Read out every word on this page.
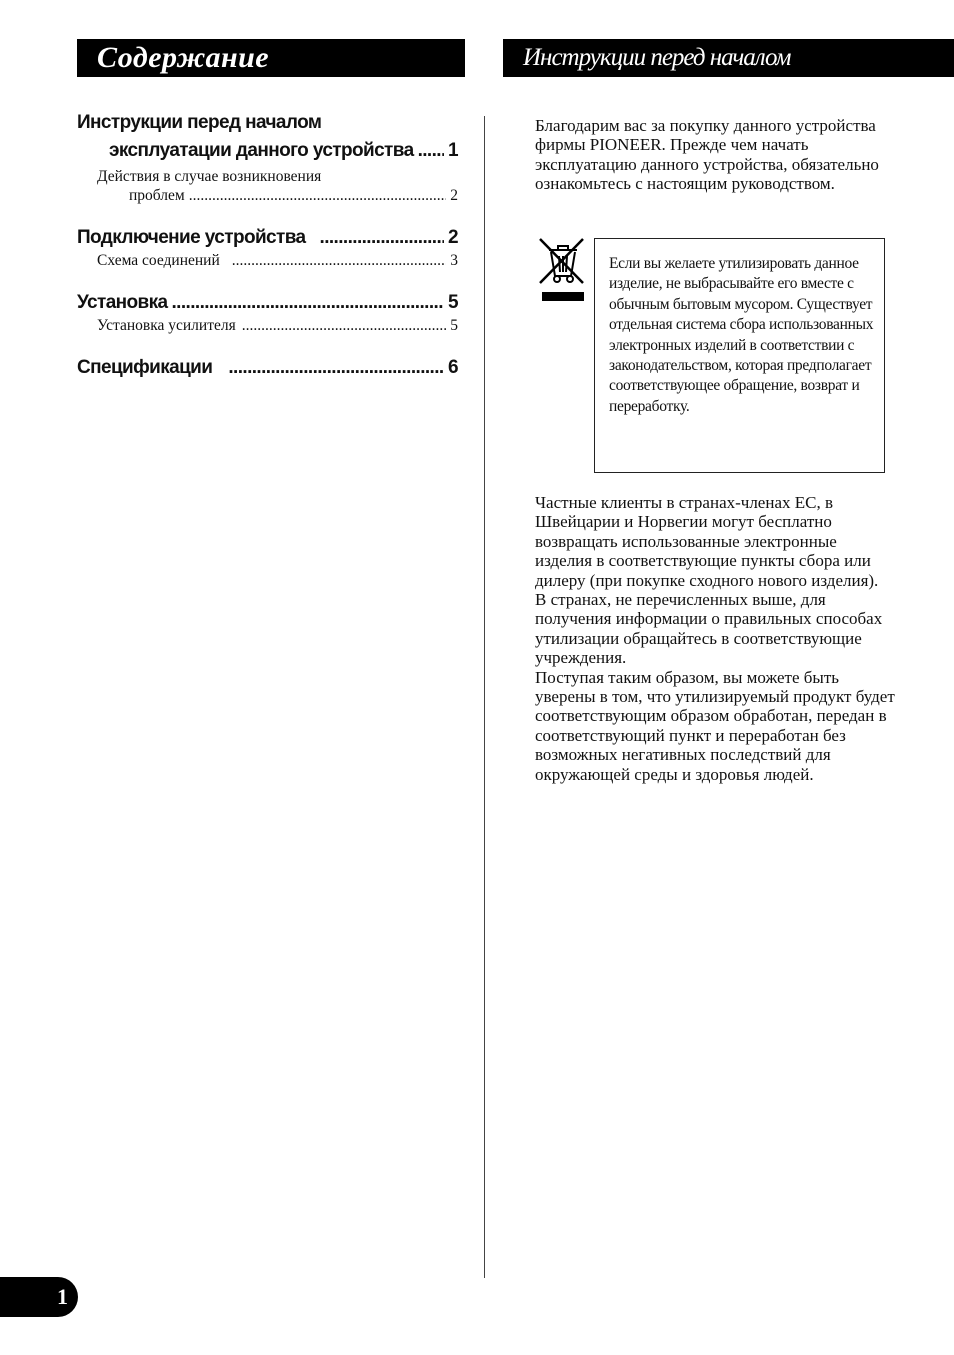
Содержание	Инструкции перед началом
Инструкции перед началом
эксплуатации данного устройства ..... 1
Действия в случае возникновения
проблем .....	2
Подключение устройства .....	2
Схема соединений .....	3
Установка .....	5
Установка усилителя .....	5
Спецификации .....	6

Благодарим вас за покупку данного устройства фирмы PIONEER. Прежде чем начать эксплуатацию данного устройства, обязательно ознакомьтесь с настоящим руководством.

Если вы желаете утилизировать данное изделие, не выбрасывайте его вместе с обычным бытовым мусором. Существует отдельная система сбора использованных электронных изделий в соответствии с законодательством, которая предполагает соответствующее обращение, возврат и переработку.

Частные клиенты в странах-членах ЕС, в Швейцарии и Норвегии могут бесплатно возвращать использованные электронные изделия в соответствующие пункты сбора или дилеру (при покупке сходного нового изделия).

В странах, не перечисленных выше, для получения информации о правильных способах утилизации обращайтесь в соответствующие учреждения.

Поступая таким образом, вы можете быть уверены в том, что утилизируемый продукт будет соответствующим образом обработан, передан в соответствующий пункт и переработан без возможных негативных последствий для окружающей среды и здоровья людей.

1
